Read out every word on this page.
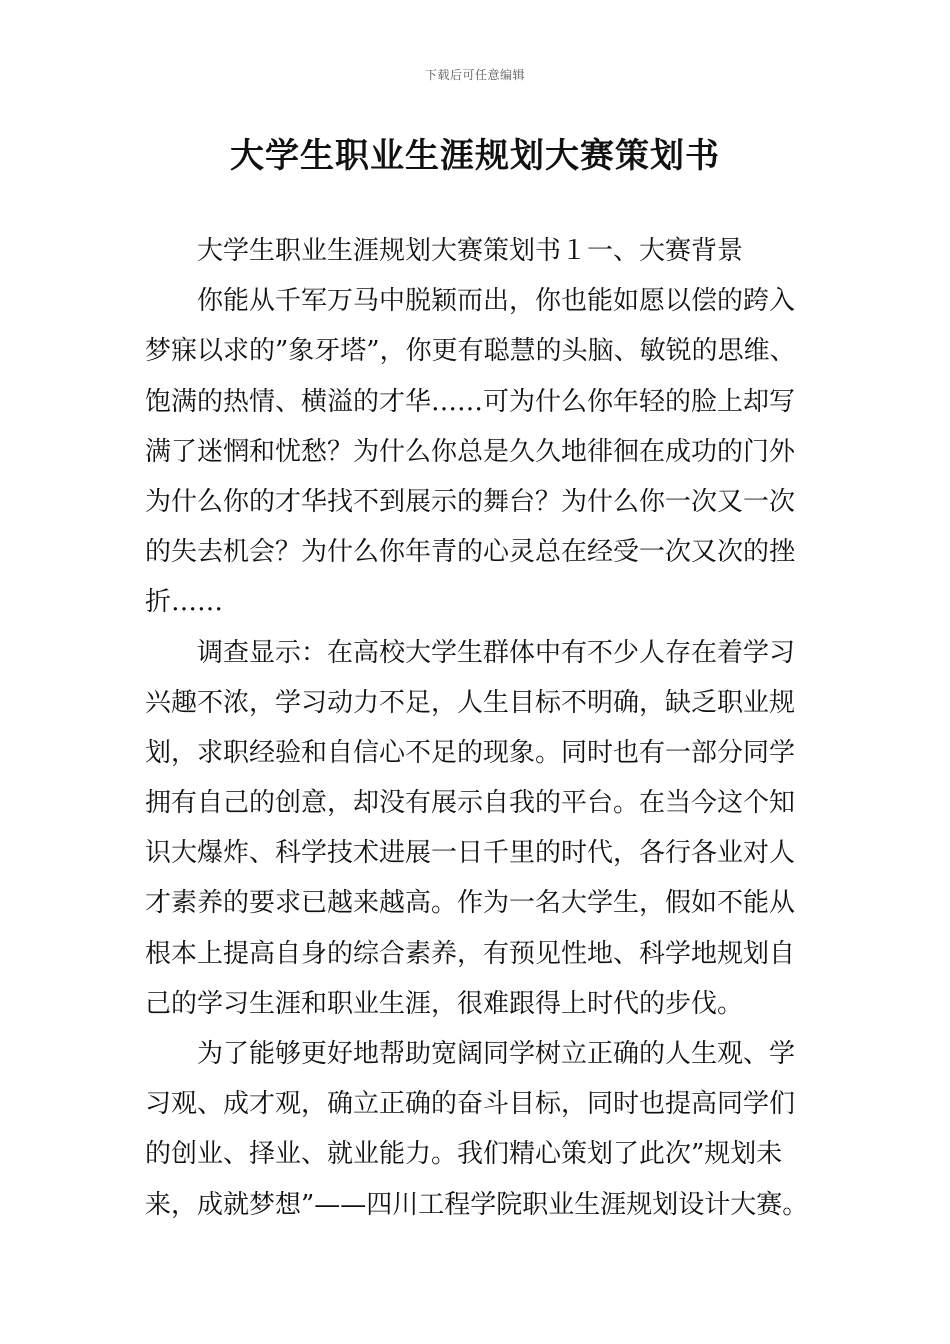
下载后可任意编辑
大学生职业生涯规划大赛策划书
大学生职业生涯规划大赛策划书１一、大赛背景
你能从千军万马中脱颖而出，你也能如愿以偿的跨入
梦寐以求的”象牙塔”，你更有聪慧的头脑、敏锐的思维、
饱满的热情、横溢的才华……可为什么你年轻的脸上却写
满了迷惘和忧愁？为什么你总是久久地徘徊在成功的门外
为什么你的才华找不到展示的舞台？为什么你一次又一次
的失去机会？为什么你年青的心灵总在经受一次又次的挫
折……
调查显示：在高校大学生群体中有不少人存在着学习
兴趣不浓，学习动力不足，人生目标不明确，缺乏职业规
划，求职经验和自信心不足的现象。同时也有一部分同学
拥有自己的创意，却没有展示自我的平台。在当今这个知
识大爆炸、科学技术进展一日千里的时代，各行各业对人
才素养的要求已越来越高。作为一名大学生，假如不能从
根本上提高自身的综合素养，有预见性地、科学地规划自
己的学习生涯和职业生涯，很难跟得上时代的步伐。
为了能够更好地帮助宽阔同学树立正确的人生观、学
习观、成才观，确立正确的奋斗目标，同时也提高同学们
的创业、择业、就业能力。我们精心策划了此次”规划未
来，成就梦想”——四川工程学院职业生涯规划设计大赛。
